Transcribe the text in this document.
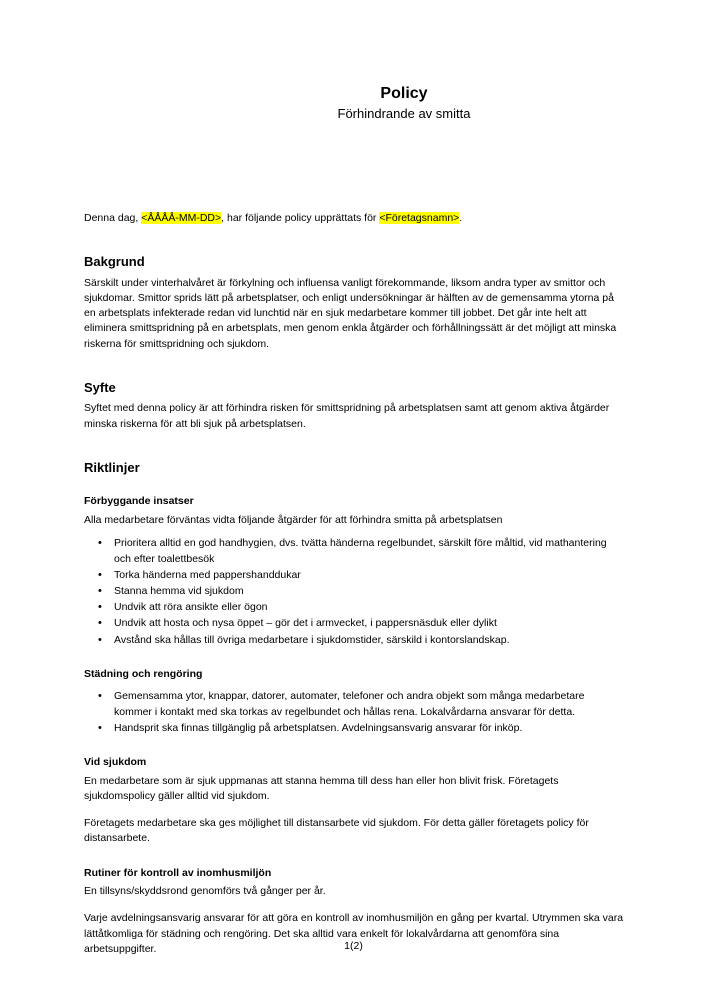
Policy

Förhindrande av smitta

Denna dag, <ÅÅÅÅ-MM-DD>, har följande policy upprättats för <Företagsnamn>.

Bakgrund

Särskilt under vinterhalvåret är förkylning och influensa vanligt förekommande, liksom andra typer av smittor och sjukdomar. Smittor sprids lätt på arbetsplatser, och enligt undersökningar är hälften av de gemensamma ytorna på en arbetsplats infekterade redan vid lunchtid när en sjuk medarbetare kommer till jobbet. Det går inte helt att eliminera smittspridning på en arbetsplats, men genom enkla åtgärder och förhållningssätt är det möjligt att minska riskerna för smittspridning och sjukdom.

Syfte

Syftet med denna policy är att förhindra risken för smittspridning på arbetsplatsen samt att genom aktiva åtgärder minska riskerna för att bli sjuk på arbetsplatsen.

Riktlinjer
Förbyggande insatser

Alla medarbetare förväntas vidta följande åtgärder för att förhindra smitta på arbetsplatsen

• Prioritera alltid en god handhygien, dvs. tvätta händerna regelbundet, särskilt före måltid, vid mathantering och efter toalettbesök
• Torka händerna med pappershanddukar
• Stanna hemma vid sjukdom
• Undvik att röra ansikte eller ögon
• Undvik att hosta och nysa öppet – gör det i armvecket, i pappersnäsduk eller dylikt
• Avstånd ska hållas till övriga medarbetare i sjukdomstider, särskild i kontorslandskap.
Städning och rengöring
• Gemensamma ytor, knappar, datorer, automater, telefoner och andra objekt som många medarbetare kommer i kontakt med ska torkas av regelbundet och hållas rena. Lokalvårdarna ansvarar för detta.
• Handsprit ska finnas tillgänglig på arbetsplatsen. Avdelningsansvarig ansvarar för inköp.
Vid sjukdom

En medarbetare som är sjuk uppmanas att stanna hemma till dess han eller hon blivit frisk. Företagets sjukdomspolicy gäller alltid vid sjukdom.

Företagets medarbetare ska ges möjlighet till distansarbete vid sjukdom. För detta gäller företagets policy för distansarbete.

Rutiner för kontroll av inomhusmiljön

En tillsyns/skyddsrond genomförs två gånger per år.

Varje avdelningsansvarig ansvarar för att göra en kontroll av inomhusmiljön en gång per kvartal. Utrymmen ska vara lättåtkomliga för städning och rengöring. Det ska alltid vara enkelt för lokalvårdarna att genomföra sina arbetsuppgifter.	1(2)
